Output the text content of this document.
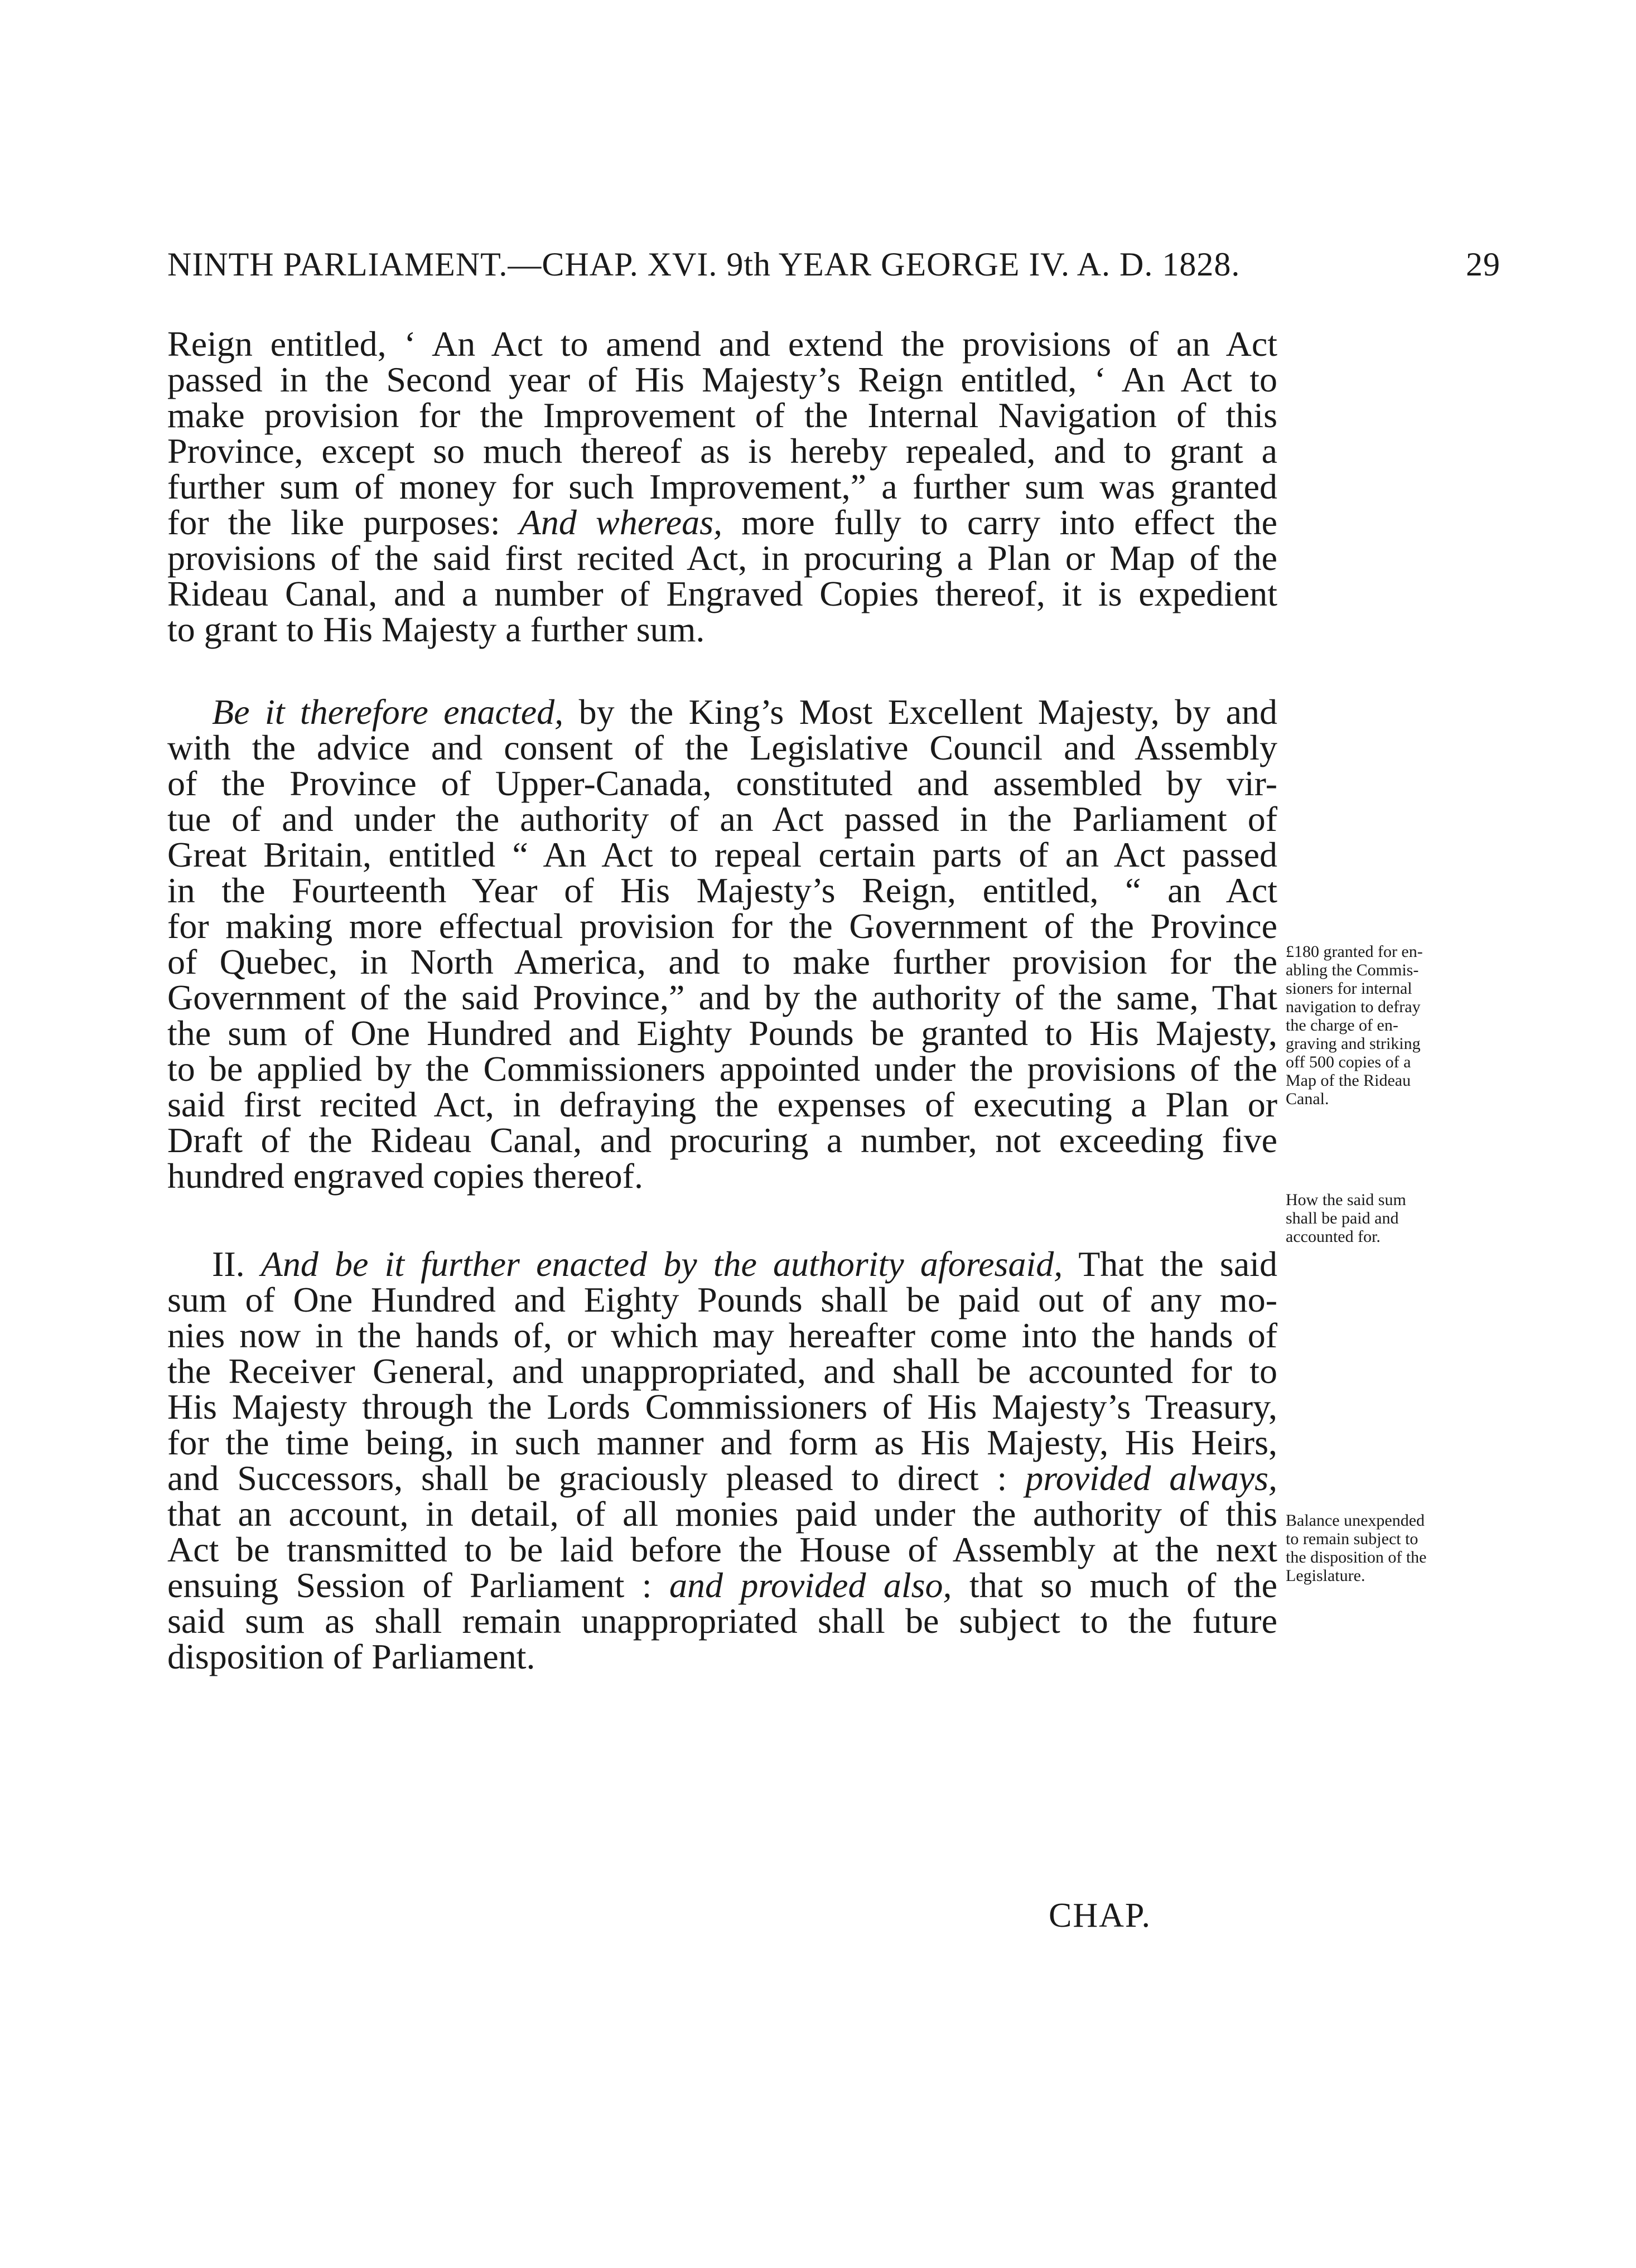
NINTH PARLIAMENT.—CHAP. XVI. 9th YEAR GEORGE IV. A. D. 1828.	29
Reign entitled, ‘ An Act to amend and extend the provisions of an Act
passed in the Second year of His Majesty’s Reign entitled, ‘ An Act to
make provision for the Improvement of the Internal Navigation of this
Province, except so much thereof as is hereby repealed, and to grant a
further sum of money for such Improvement,” a further sum was granted
for the like purposes: And whereas, more fully to carry into effect the
provisions of the said first recited Act, in procuring a Plan or Map of the
Rideau Canal, and a number of Engraved Copies thereof, it is expedient
to grant to His Majesty a further sum.
Be it therefore enacted, by the King’s Most Excellent Majesty, by and
with the advice and consent of the Legislative Council and Assembly
of the Province of Upper-Canada, constituted and assembled by vir-
tue of and under the authority of an Act passed in the Parliament of
Great Britain, entitled “ An Act to repeal certain parts of an Act passed
in the Fourteenth Year of His Majesty’s Reign, entitled, “ an Act
for making more effectual provision for the Government of the Province
of Quebec, in North America, and to make further provision for the
Government of the said Province,” and by the authority of the same, That
the sum of One Hundred and Eighty Pounds be granted to His Majesty,
to be applied by the Commissioners appointed under the provisions of the
said first recited Act, in defraying the expenses of executing a Plan or
Draft of the Rideau Canal, and procuring a number, not exceeding five
hundred engraved copies thereof.
II. And be it further enacted by the authority aforesaid, That the said
sum of One Hundred and Eighty Pounds shall be paid out of any mo-
nies now in the hands of, or which may hereafter come into the hands of
the Receiver General, and unappropriated, and shall be accounted for to
His Majesty through the Lords Commissioners of His Majesty’s Treasury,
for the time being, in such manner and form as His Majesty, His Heirs,
and Successors, shall be graciously pleased to direct : provided always,
that an account, in detail, of all monies paid under the authority of this
Act be transmitted to be laid before the House of Assembly at the next
ensuing Session of Parliament : and provided also, that so much of the
said sum as shall remain unappropriated shall be subject to the future
disposition of Parliament.
£180 granted for en-
abling the Commis-
sioners for internal
navigation to defray
the charge of en-
graving and striking
off 500 copies of a
Map of the Rideau
Canal.
How the said sum
shall be paid and
accounted for.
Balance unexpended
to remain subject to
the disposition of the
Legislature.
CHAP.
